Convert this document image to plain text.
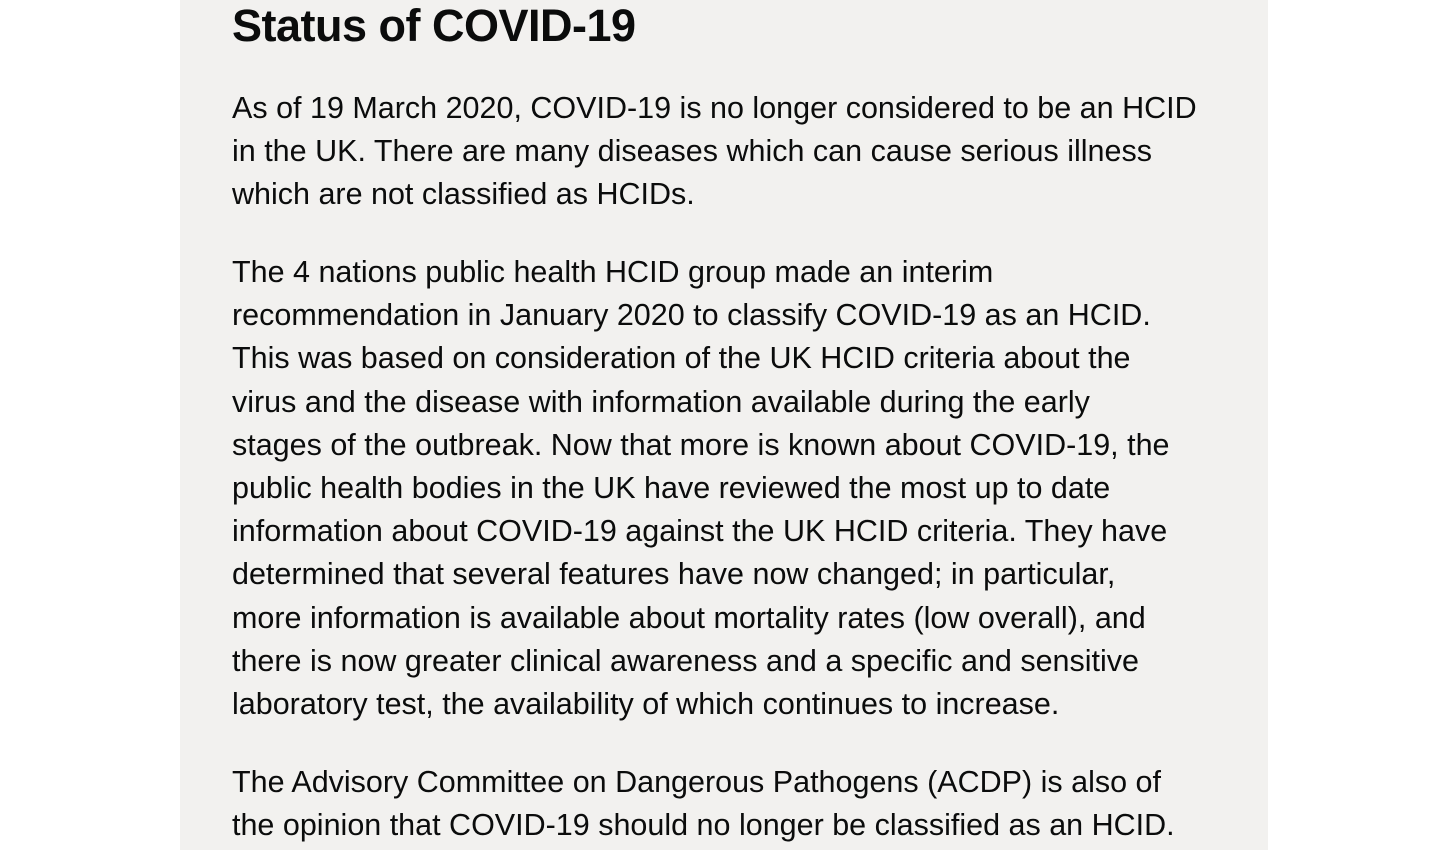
Status of COVID-19

As of 19 March 2020, COVID-19 is no longer considered to be an HCID
in the UK. There are many diseases which can cause serious illness
which are not classified as HCIDs.

The 4 nations public health HCID group made an interim
recommendation in January 2020 to classify COVID-19 as an HCID.
This was based on consideration of the UK HCID criteria about the
virus and the disease with information available during the early
stages of the outbreak. Now that more is known about COVID-19, the
public health bodies in the UK have reviewed the most up to date
information about COVID-19 against the UK HCID criteria. They have
determined that several features have now changed; in particular,
more information is available about mortality rates (low overall), and
there is now greater clinical awareness and a specific and sensitive
laboratory test, the availability of which continues to increase.

The Advisory Committee on Dangerous Pathogens (ACDP) is also of
the opinion that COVID-19 should no longer be classified as an HCID.
